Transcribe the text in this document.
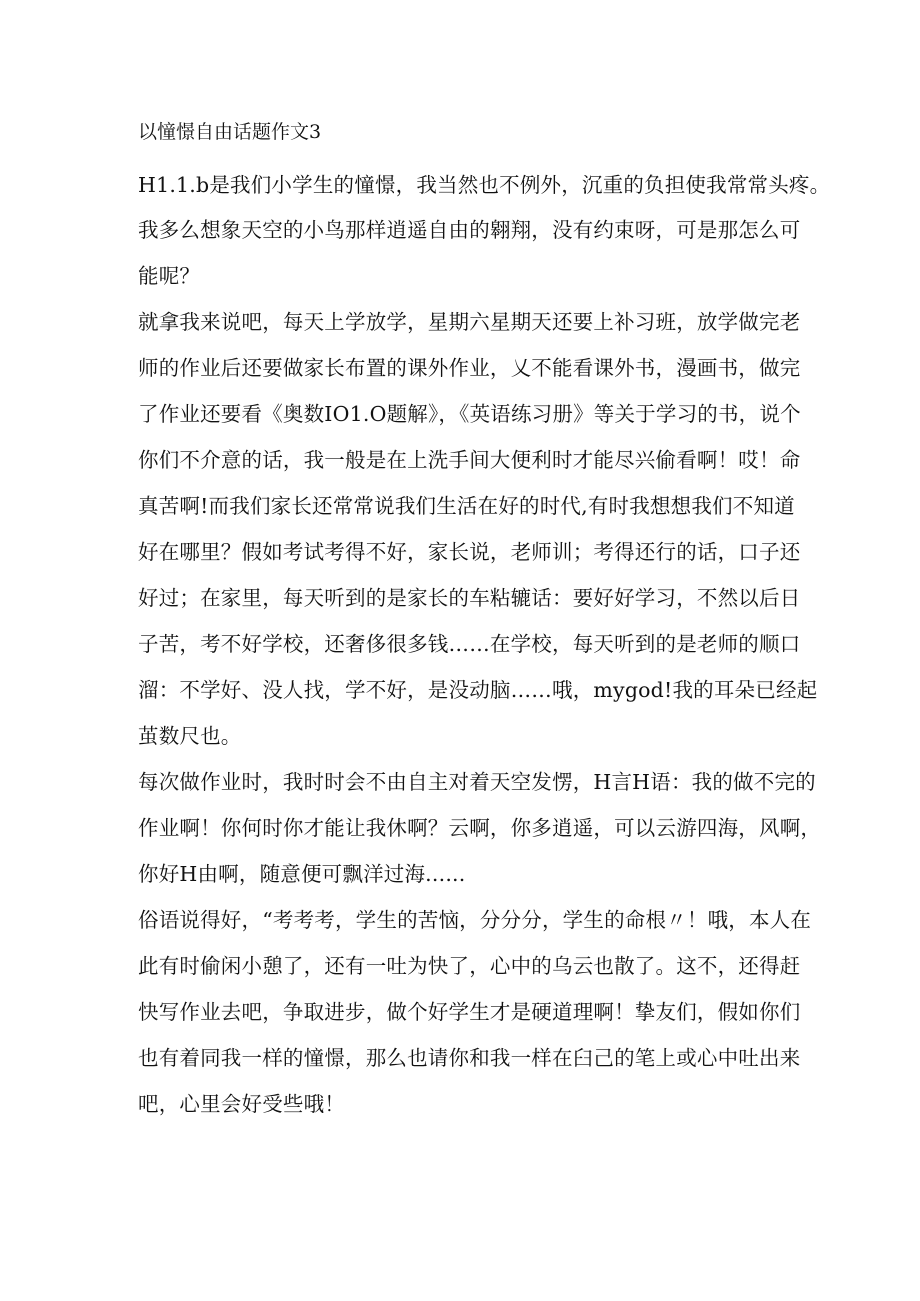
以憧憬自由话题作文3
H1.1.b是我们小学生的憧憬，我当然也不例外，沉重的负担使我常常头疼。
我多么想象天空的小鸟那样逍遥自由的翱翔，没有约束呀，可是那怎么可
能呢？
就拿我来说吧，每天上学放学，星期六星期天还要上补习班，放学做完老
师的作业后还要做家长布置的课外作业，乂不能看课外书，漫画书，做完
了作业还要看《奥数IO1.O题解》，《英语练习册》等关于学习的书，说个
你们不介意的话，我一般是在上洗手间大便利时才能尽兴偷看啊！哎！命
真苦啊!而我们家长还常常说我们生活在好的时代,有时我想想我们不知道
好在哪里？假如考试考得不好，家长说，老师训；考得还行的话，口子还
好过；在家里，每天听到的是家长的车粘辘话：要好好学习，不然以后日
子苦，考不好学校，还奢侈很多钱……在学校，每天听到的是老师的顺口
溜：不学好、没人找，学不好，是没动脑……哦，mygod!我的耳朵已经起
茧数尺也。
每次做作业时，我时时会不由自主对着天空发愣，H言H语：我的做不完的
作业啊！你何时你才能让我休啊？云啊，你多逍遥，可以云游四海，风啊，
你好H由啊，随意便可飘洋过海......
俗语说得好，“考考考，学生的苦恼，分分分，学生的命根〃！哦，本人在
此有时偷闲小憩了，还有一吐为快了，心中的乌云也散了。这不，还得赶
快写作业去吧，争取进步，做个好学生才是硬道理啊！挚友们，假如你们
也有着同我一样的憧憬，那么也请你和我一样在臼己的笔上或心中吐出来
吧，心里会好受些哦！
